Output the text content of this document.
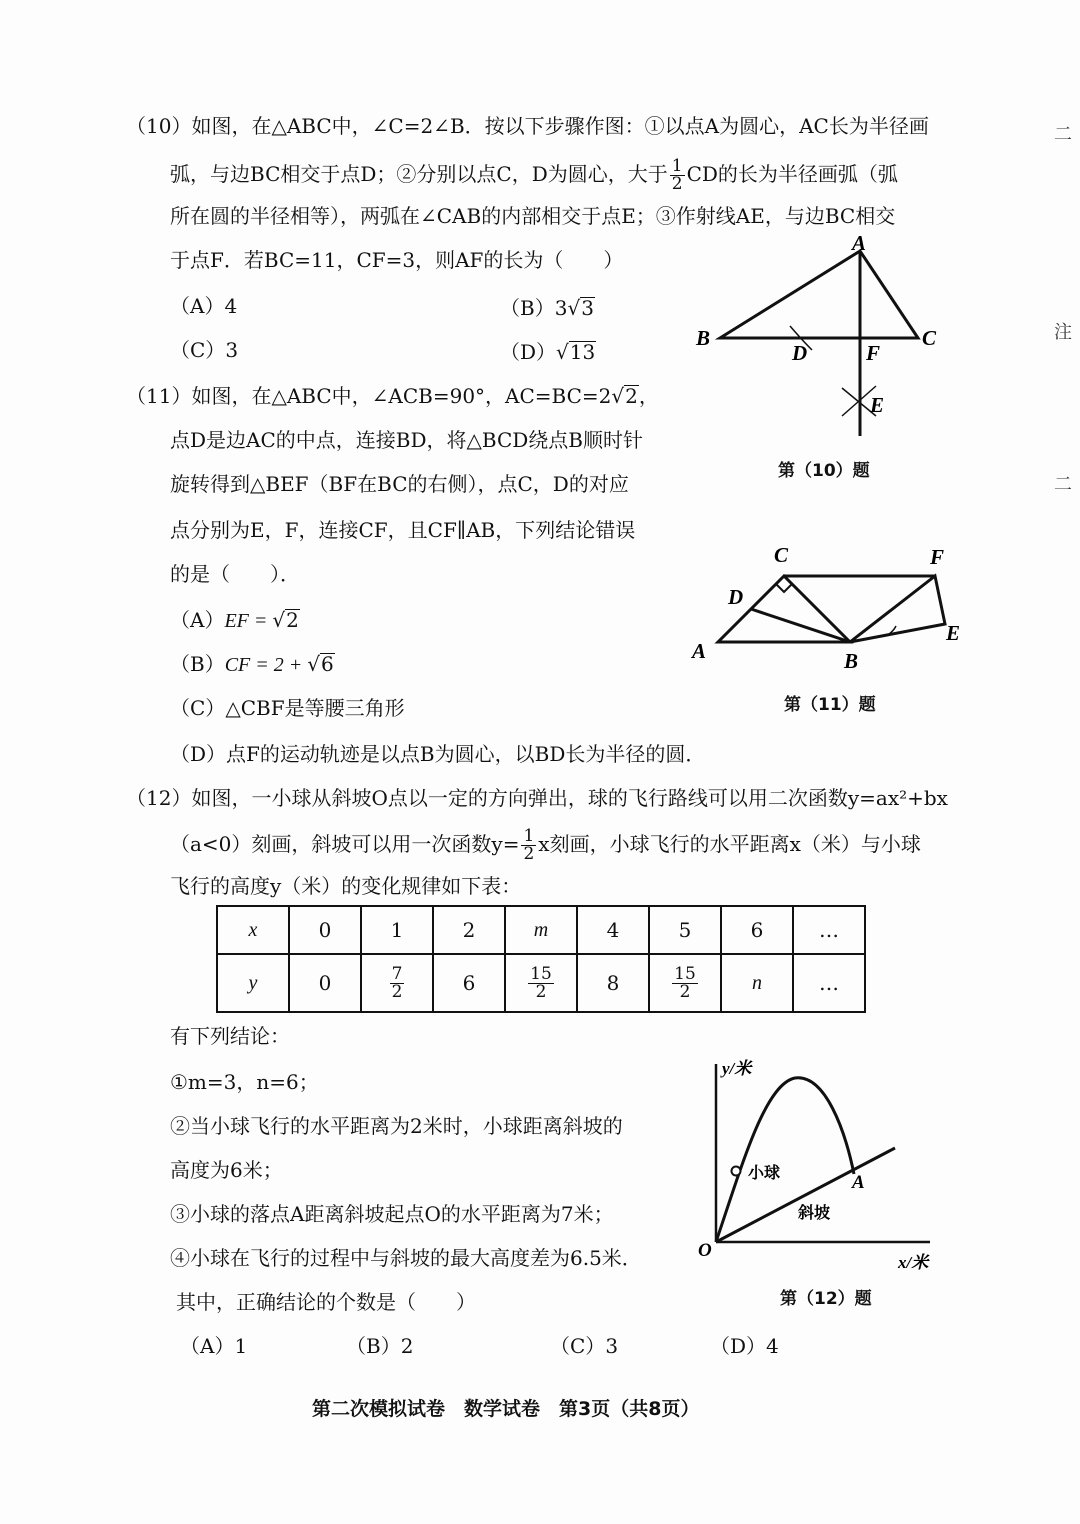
（10）如图，在△ABC中，∠C=2∠B．按以下步骤作图：①以点A为圆心，AC长为半径画
弧，与边BC相交于点D；②分别以点C，D为圆心，大于 $\frac{1}{2}$ CD的长为半径画弧（弧
所在圆的半径相等），两弧在∠CAB的内部相交于点E；③作射线AE，与边BC相交
于点F．若BC=11，CF=3，则AF的长为（　　）
（A）4	（B）3√3
（C）3	（D）√13
A
B	C
D	F
E
第（10）题
（11）如图，在△ABC中，∠ACB=90°，AC=BC=2√2，
点D是边AC的中点，连接BD，将△BCD绕点B顺时针
旋转得到△BEF（BF在BC的右侧），点C，D的对应
点分别为E，F，连接CF，且CF∥AB，下列结论错误
的是（　　）．
（A）EF = √2
（B）CF = 2 + √6
（C）△CBF是等腰三角形
（D）点F的运动轨迹是以点B为圆心，以BD长为半径的圆．
C	F
D
A	B
E
第（11）题
（12）如图，一小球从斜坡O点以一定的方向弹出，球的飞行路线可以用二次函数y=ax²+bx
（a<0）刻画，斜坡可以用一次函数$y= \frac{1}{2}$ x刻画，小球飞行的水平距离x（米）与小球
飞行的高度y（米）的变化规律如下表：
x	0	1	2	m	4	5	6	…
y	0	$\frac{7}{2}$	6	$\frac{15}{2}$	8	$\frac{15}{2}$	n	…
有下列结论：
①m=3，n=6；
②当小球飞行的水平距离为2米时，小球距离斜坡的
高度为6米；
③小球的落点A距离斜坡起点O的水平距离为7米；
④小球在飞行的过程中与斜坡的最大高度差为6.5米．
其中，正确结论的个数是（　　）
（A）1	（B）2	（C）3	（D）4
y/米
x/米
O
小球
斜坡
A
第（12）题
第二次模拟试卷　数学试卷　第3页（共8页）
二
注
二
